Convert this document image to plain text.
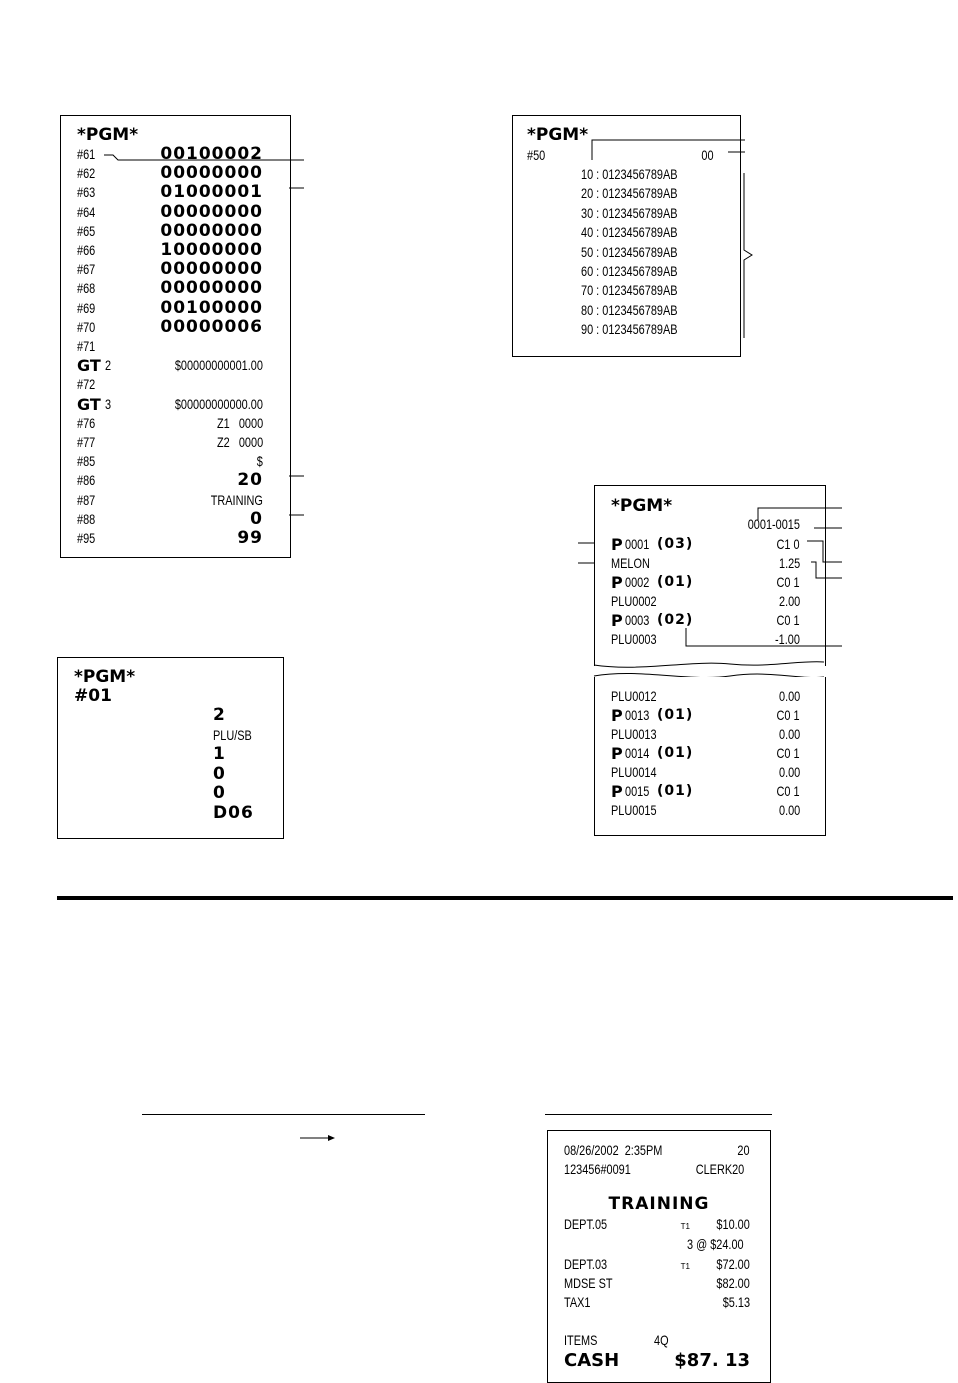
*PGM*
#61	00100002
#62	00000000
#63	01000001
#64	00000000
#65	00000000
#66	10000000
#67	00000000
#68	00000000
#69	00100000
#70	00000006
#71
GT 2	$00000000001.00
#72
GT 3	$00000000000.00
#76	Z1   0000
#77	Z2   0000
#85	$
#86	20
#87	TRAINING
#88	0
#95	99
*PGM*
#50	00
10 : 0123456789AB
20 : 0123456789AB
30 : 0123456789AB
40 : 0123456789AB
50 : 0123456789AB
60 : 0123456789AB
70 : 0123456789AB
80 : 0123456789AB
90 : 0123456789AB
*PGM*
#01
2
PLU/SB
1
0
0
D06
*PGM*
0001-0015
P 0001 (03)	C1 0
MELON	1.25
P 0002 (01)	C0 1
PLU0002	2.00
P 0003 (02)	C0 1
PLU0003	-1.00
PLU0012	0.00
P 0013 (01)	C0 1
PLU0013	0.00
P 0014 (01)	C0 1
PLU0014	0.00
P 0015 (01)	C0 1
PLU0015	0.00
08/26/2002  2:35PM	20
123456#0091	CLERK20
TRAINING
DEPT.05	T1 $10.00
3 @ $24.00
DEPT.03	T1 $72.00
MDSE ST	$82.00
TAX1	$5.13
ITEMS	4Q
CASH	$87. 13
